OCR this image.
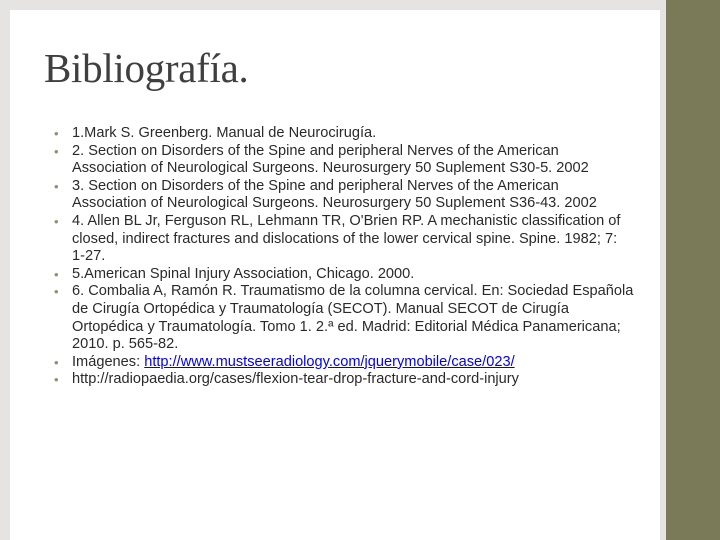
Bibliografía.
• 1.Mark S. Greenberg. Manual de Neurocirugía.
• 2. Section on Disorders of the Spine and peripheral Nerves of the American Association of Neurological Surgeons. Neurosurgery 50 Suplement S30-5. 2002
• 3. Section on Disorders of the Spine and peripheral Nerves of the American Association of Neurological Surgeons. Neurosurgery 50 Suplement S36-43. 2002
• 4. Allen BL Jr, Ferguson RL, Lehmann TR, O'Brien RP. A mechanistic classification of closed, indirect fractures and dislocations of the lower cervical spine. Spine. 1982; 7: 1-27.
• 5.American Spinal Injury Association, Chicago. 2000.
• 6. Combalia A, Ramón R. Traumatismo de la columna cervical. En: Sociedad Española de Cirugía Ortopédica y Traumatología (SECOT). Manual SECOT de Cirugía Ortopédica y Traumatología. Tomo 1. 2.ª ed. Madrid: Editorial Médica Panamericana; 2010. p. 565-82.
• Imágenes: http://www.mustseeradiology.com/jquerymobile/case/023/
• http://radiopaedia.org/cases/flexion-tear-drop-fracture-and-cord-injury
